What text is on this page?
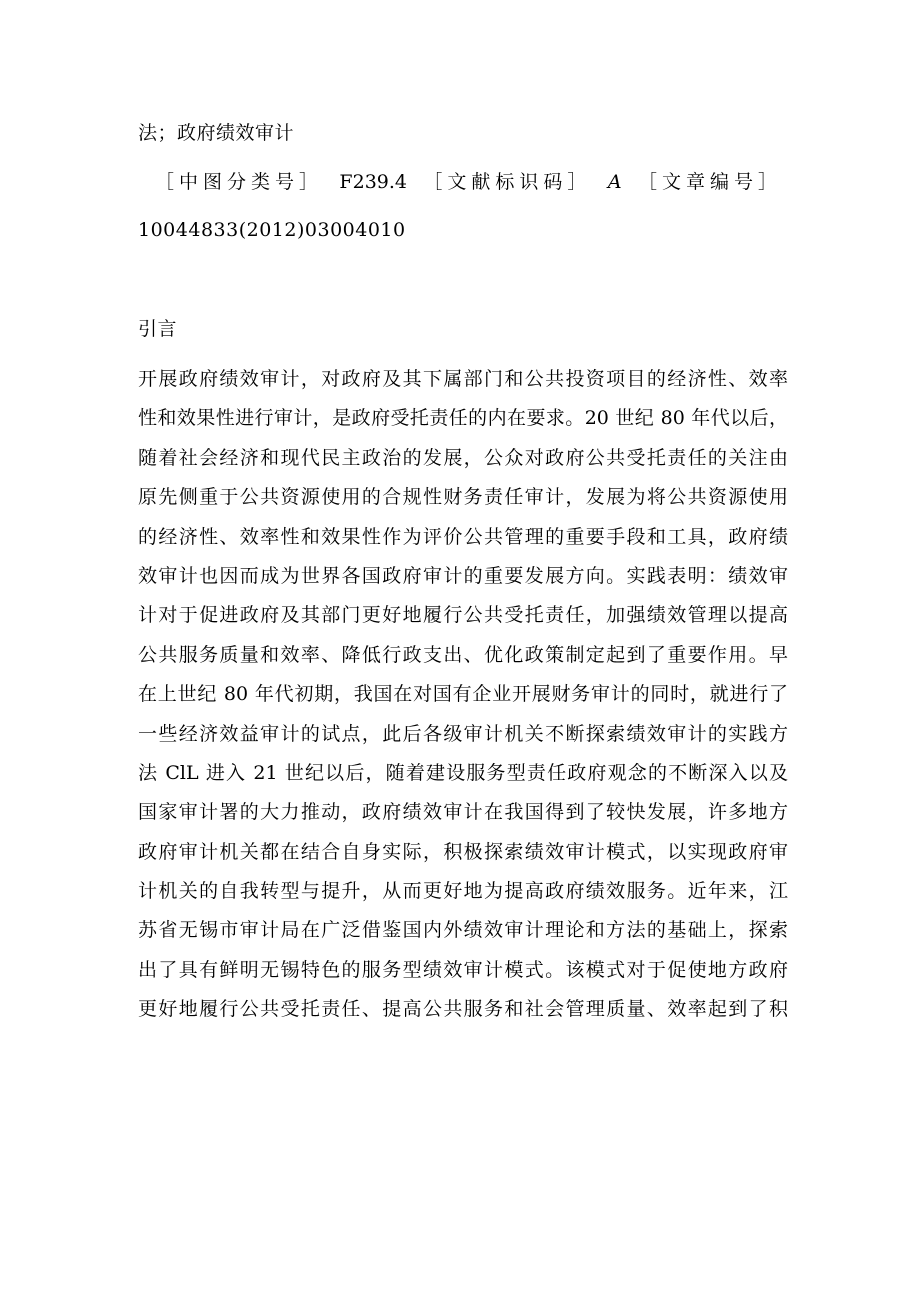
法；政府绩效审计
［中图分类号］ F239.4 ［文献标识码］ A ［文章编号］
10044833(2012)03004010
引言
开展政府绩效审计，对政府及其下属部门和公共投资项目的经济性、效率
性和效果性进行审计，是政府受托责任的内在要求。20 世纪 80 年代以后，
随着社会经济和现代民主政治的发展，公众对政府公共受托责任的关注由
原先侧重于公共资源使用的合规性财务责任审计，发展为将公共资源使用
的经济性、效率性和效果性作为评价公共管理的重要手段和工具，政府绩
效审计也因而成为世界各国政府审计的重要发展方向。实践表明：绩效审
计对于促进政府及其部门更好地履行公共受托责任，加强绩效管理以提高
公共服务质量和效率、降低行政支出、优化政策制定起到了重要作用。早
在上世纪 80 年代初期，我国在对国有企业开展财务审计的同时，就进行了
一些经济效益审计的试点，此后各级审计机关不断探索绩效审计的实践方
法 ClL 进入 21 世纪以后，随着建设服务型责任政府观念的不断深入以及
国家审计署的大力推动，政府绩效审计在我国得到了较快发展，许多地方
政府审计机关都在结合自身实际，积极探索绩效审计模式，以实现政府审
计机关的自我转型与提升，从而更好地为提高政府绩效服务。近年来，江
苏省无锡市审计局在广泛借鉴国内外绩效审计理论和方法的基础上，探索
出了具有鲜明无锡特色的服务型绩效审计模式。该模式对于促使地方政府
更好地履行公共受托责任、提高公共服务和社会管理质量、效率起到了积
